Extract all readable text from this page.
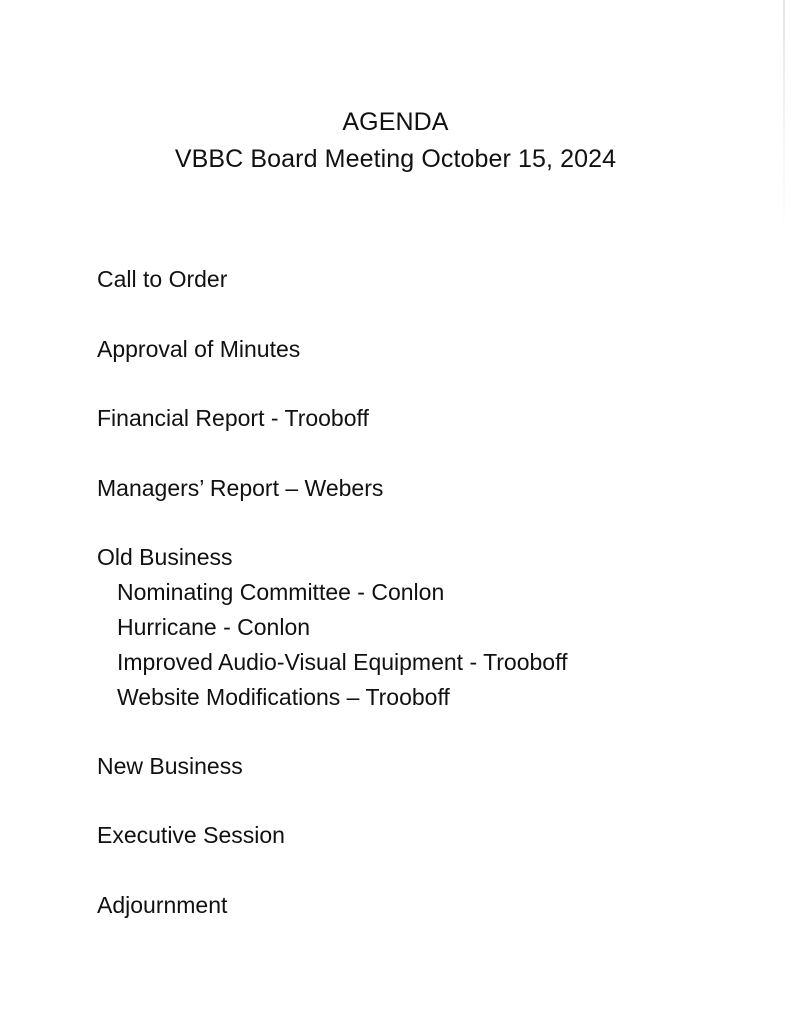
AGENDA
VBBC Board Meeting October 15, 2024
Call to Order
Approval of Minutes
Financial Report - Trooboff
Managers’ Report – Webers
Old Business
Nominating Committee - Conlon
Hurricane - Conlon
Improved Audio-Visual Equipment - Trooboff
Website Modifications – Trooboff
New Business
Executive Session
Adjournment
